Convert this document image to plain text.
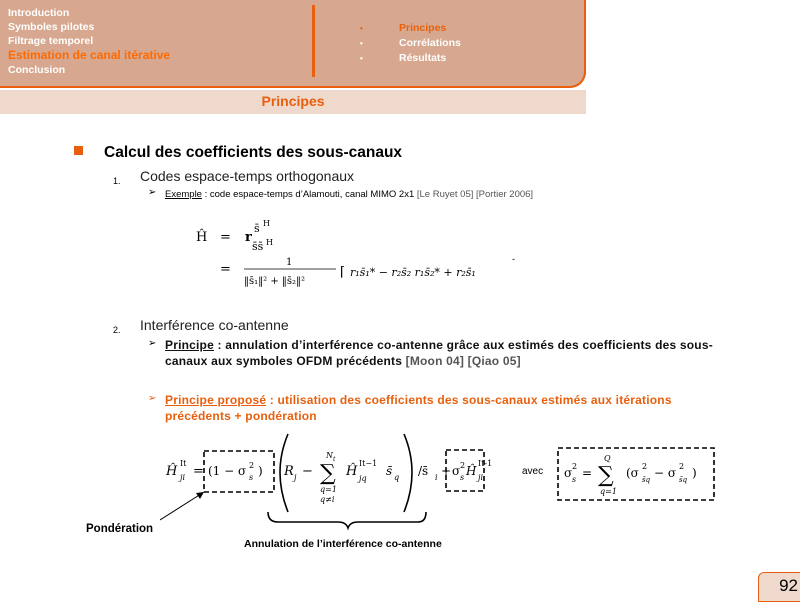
Introduction
Symboles pilotes
Filtrage temporel
Estimation de canal itérative
Conclusion
•	Principes
•	Corrélations
•	Résultats
Principes
Calcul des coefficients des sous-canaux
1. Codes espace-temps orthogonaux
➢ Exemple : code espace-temps d’Alamouti, canal MIMO 2x1 [Le Ruyet 05] [Portier 2006]
Ĥ = r
s̄ H
s̄s̄ H
=	1
‖s̄₁‖² + ‖s̄₂‖²
⌈ r₁s̄₁* − r₂s̄₂ r₁s̄₂* + r₂s̄₁
-
2. Interférence co-antenne
➢ Principe : annulation d’interférence co-antenne grâce aux estimés des coefficients des sous-canaux aux symboles OFDM précédents [Moon 04] [Qiao 05]
➢ Principe proposé : utilisation des coefficients des sous-canaux estimés aux itérations précédents + pondération
Ĥ ji
It
= (1 − σ 2
s ) R j − ∑
N t
q=1
q≠i
Ĥ
It−1
jq
s̄ q /s̄ i + σ 2
s Ĥ
It-1
ji	σ 2
s = ∑
Q
q=1
(σ 2
s̄q − σ 2
s̃q )
avec
Pondération
Annulation de l’interférence co-antenne
92
